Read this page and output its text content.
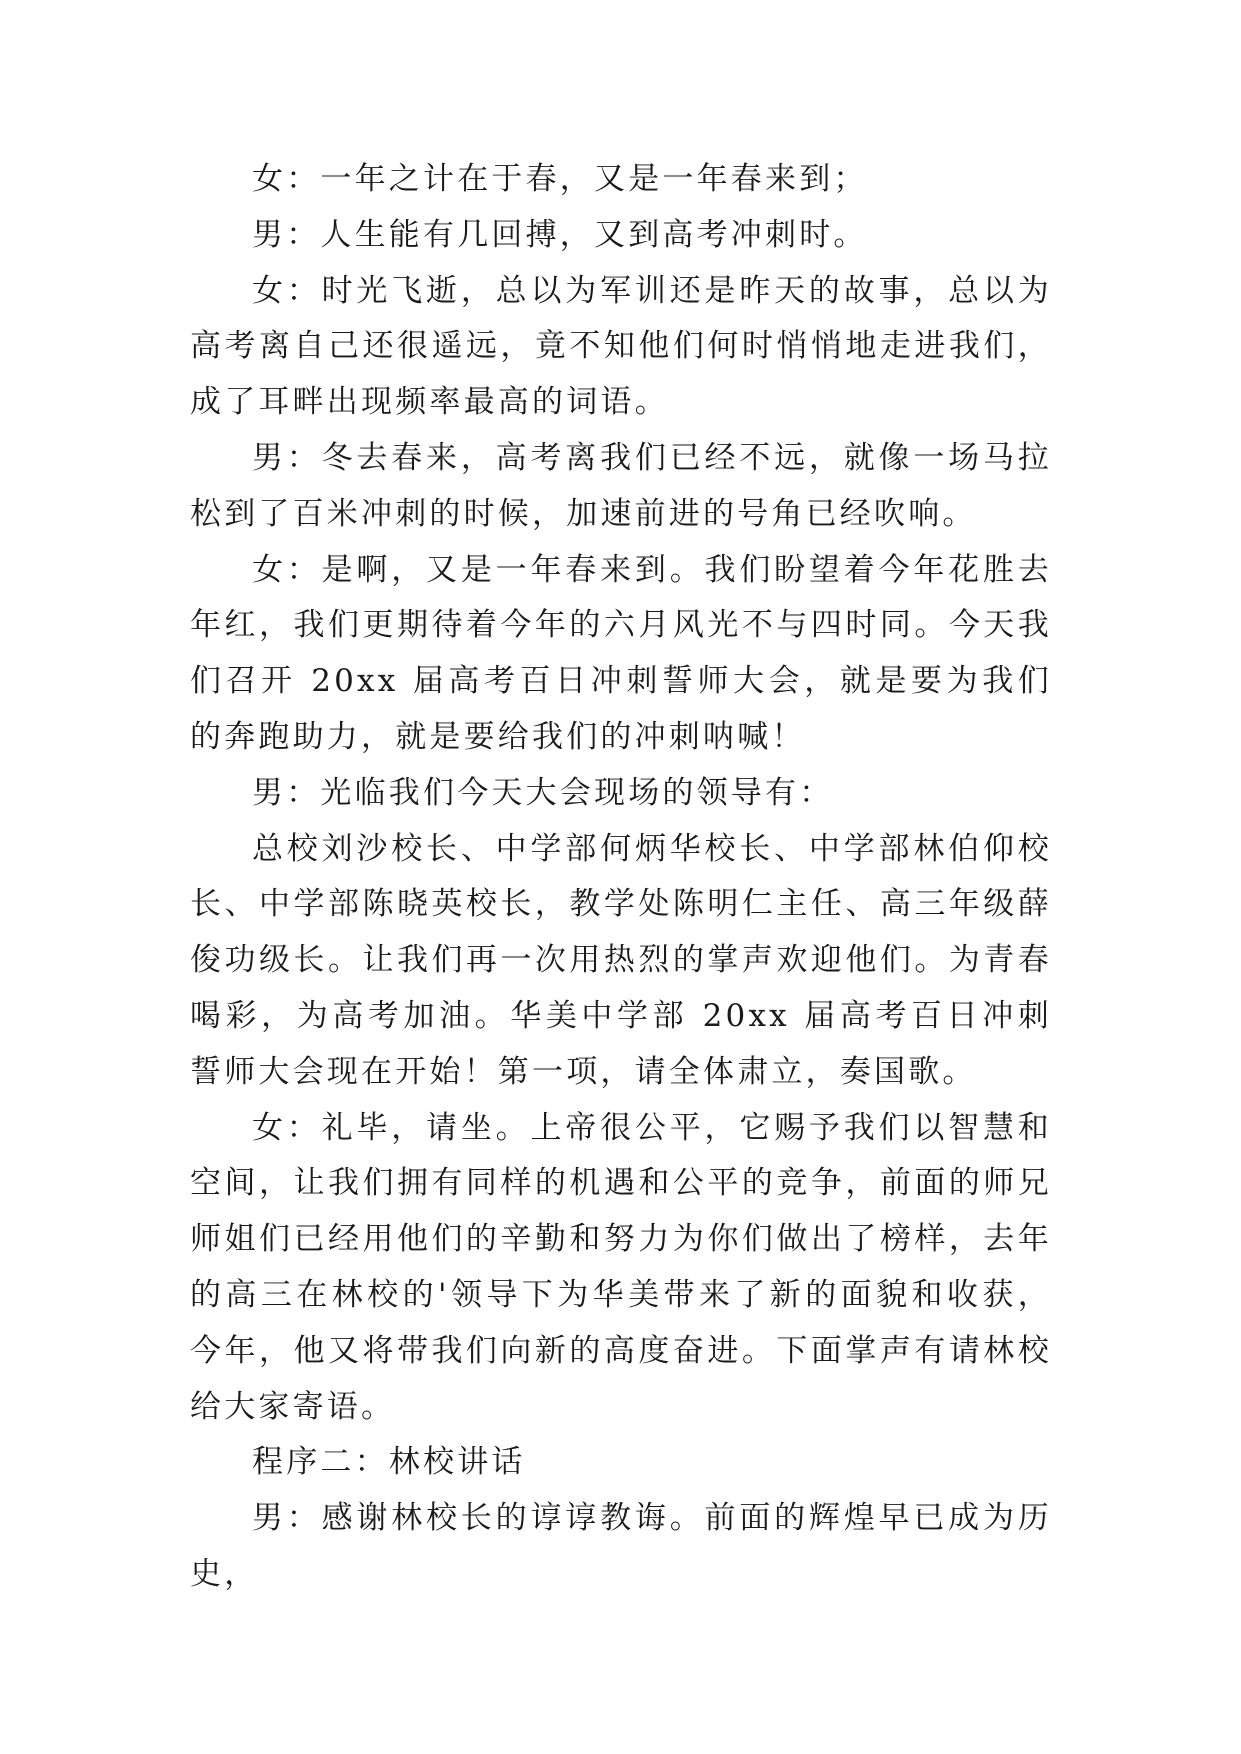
女：一年之计在于春，又是一年春来到；

男：人生能有几回搏，又到高考冲刺时。

女：时光飞逝，总以为军训还是昨天的故事，总以为高考离自己还很遥远，竟不知他们何时悄悄地走进我们，成了耳畔出现频率最高的词语。

男：冬去春来，高考离我们已经不远，就像一场马拉松到了百米冲刺的时候，加速前进的号角已经吹响。

女：是啊，又是一年春来到。我们盼望着今年花胜去年红，我们更期待着今年的六月风光不与四时同。今天我们召开 20xx 届高考百日冲刺誓师大会，就是要为我们的奔跑助力，就是要给我们的冲刺呐喊！

男：光临我们今天大会现场的领导有：

总校刘沙校长、中学部何炳华校长、中学部林伯仰校长、中学部陈晓英校长，教学处陈明仁主任、高三年级薛俊功级长。让我们再一次用热烈的掌声欢迎他们。为青春喝彩，为高考加油。华美中学部 20xx 届高考百日冲刺誓师大会现在开始！第一项，请全体肃立，奏国歌。

女：礼毕，请坐。上帝很公平，它赐予我们以智慧和空间，让我们拥有同样的机遇和公平的竞争，前面的师兄师姐们已经用他们的辛勤和努力为你们做出了榜样，去年的高三在林校的'领导下为华美带来了新的面貌和收获，今年，他又将带我们向新的高度奋进。下面掌声有请林校给大家寄语。

程序二：林校讲话

男：感谢林校长的谆谆教诲。前面的辉煌早已成为历史，
